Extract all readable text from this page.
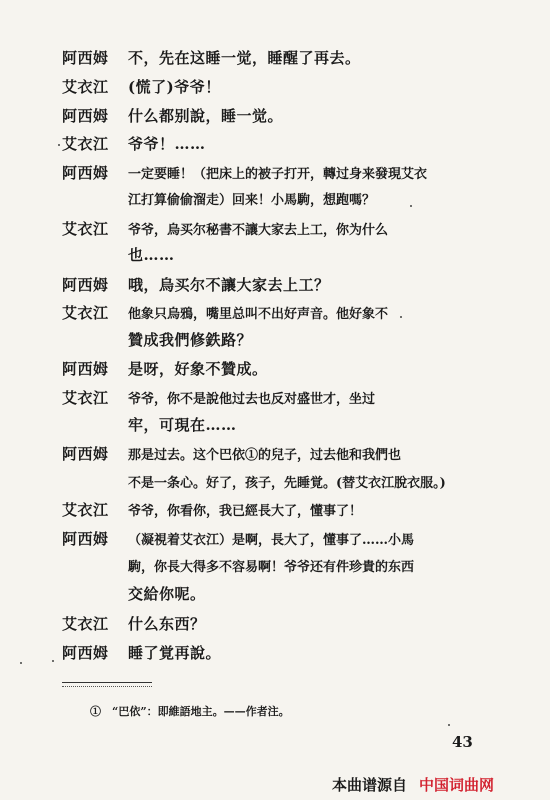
阿西姆 不，先在这睡一觉，睡醒了再去。
艾衣江 (慌了)爷爷！
阿西姆 什么都别說，睡一觉。
艾衣江 爷爷！……
阿西姆 一定要睡！（把床上的被子打开，轉过身来發現艾衣
江打算偷偷溜走）回来！小馬駒，想跑嗎？
艾衣江 爷爷，烏买尔秘書不讓大家去上工，你为什么
也……
阿西姆 哦，烏买尔不讓大家去上工？
艾衣江 他象只烏鴉，嘴里总叫不出好声音。他好象不
贊成我們修鉄路？
阿西姆 是呀，好象不贊成。
艾衣江 爷爷，你不是說他过去也反对盛世才，坐过
牢，可現在……
阿西姆 那是过去。这个巴依①的兒子，过去他和我們也
不是一条心。好了，孩子，先睡覚。(替艾衣江脫衣服。)
艾衣江 爷爷，你看你，我已經長大了，懂事了！
阿西姆 （凝視着艾衣江）是啊，長大了，懂事了……小馬
駒，你長大得多不容易啊！爷爷还有件珍貴的东西
交給你呢。
艾衣江 什么东西？
阿西姆 睡了覚再說。
①　“巴依”：即維語地主。——作者注。
43
本曲谱源自 中国词曲网
